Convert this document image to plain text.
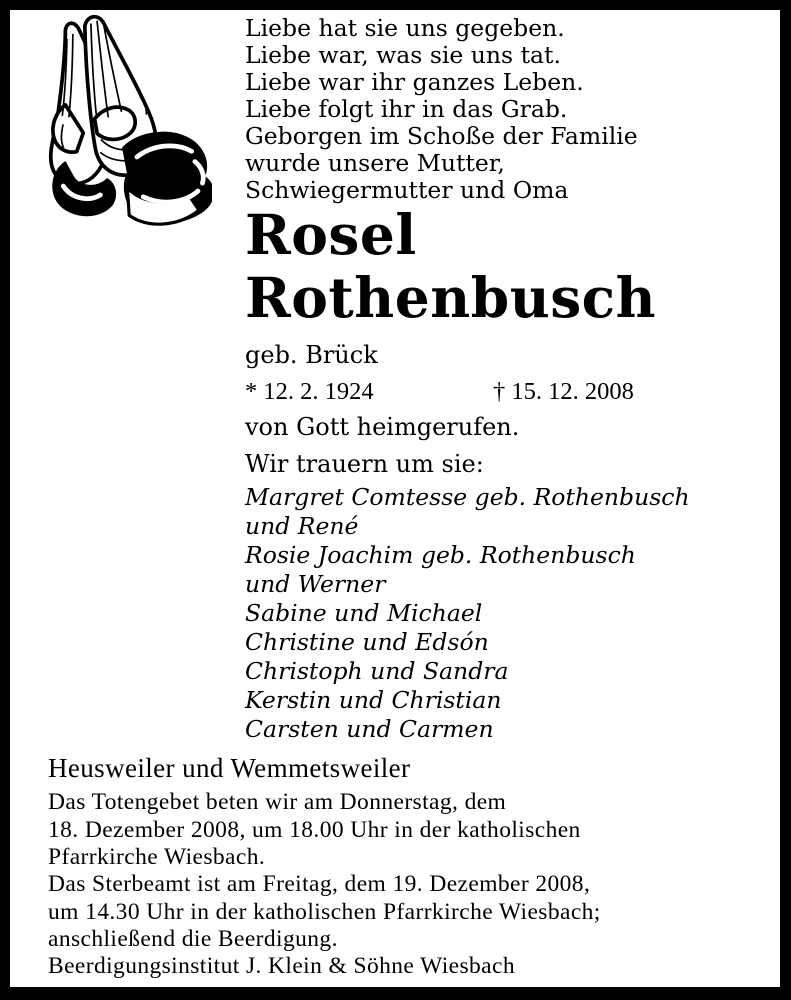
Liebe hat sie uns gegeben.
Liebe war, was sie uns tat.
Liebe war ihr ganzes Leben.
Liebe folgt ihr in das Grab.
Geborgen im Schoße der Familie
wurde unsere Mutter,
Schwiegermutter und Oma
Rosel
Rothenbusch
geb. Brück
* 12. 2. 1924	† 15. 12. 2008
von Gott heimgerufen.
Wir trauern um sie:
Margret Comtesse geb. Rothenbusch
und René
Rosie Joachim geb. Rothenbusch
und Werner
Sabine und Michael
Christine und Edsón
Christoph und Sandra
Kerstin und Christian
Carsten und Carmen
Heusweiler und Wemmetsweiler
Das Totengebet beten wir am Donnerstag, dem
18. Dezember 2008, um 18.00 Uhr in der katholischen
Pfarrkirche Wiesbach.
Das Sterbeamt ist am Freitag, dem 19. Dezember 2008,
um 14.30 Uhr in der katholischen Pfarrkirche Wiesbach;
anschließend die Beerdigung.
Beerdigungsinstitut J. Klein & Söhne Wiesbach
